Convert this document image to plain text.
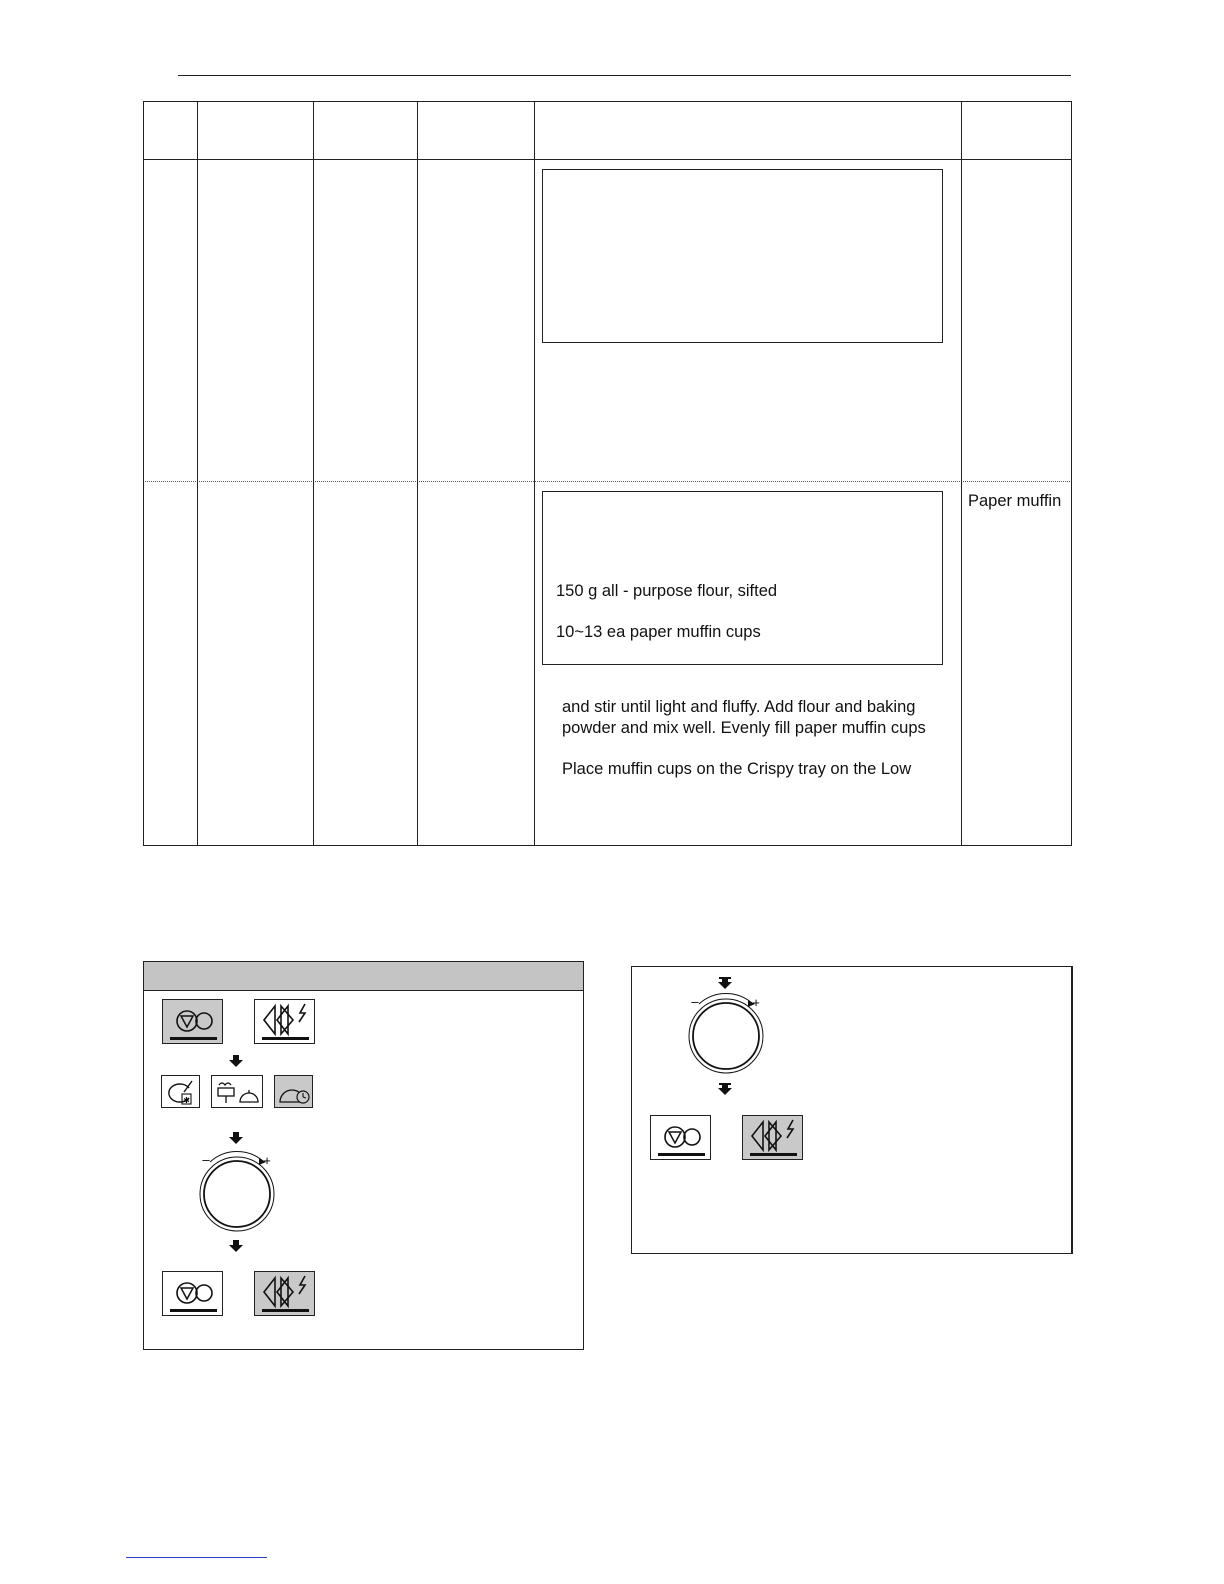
150 g all - purpose flour, sifted
10~13 ea paper muffin cups
Paper muffin
and stir until light and fluffy. Add flour and baking
powder and mix well. Evenly fill paper muffin cups
Place muffin cups on the Crispy tray on the Low
✱
–	+
–	+
